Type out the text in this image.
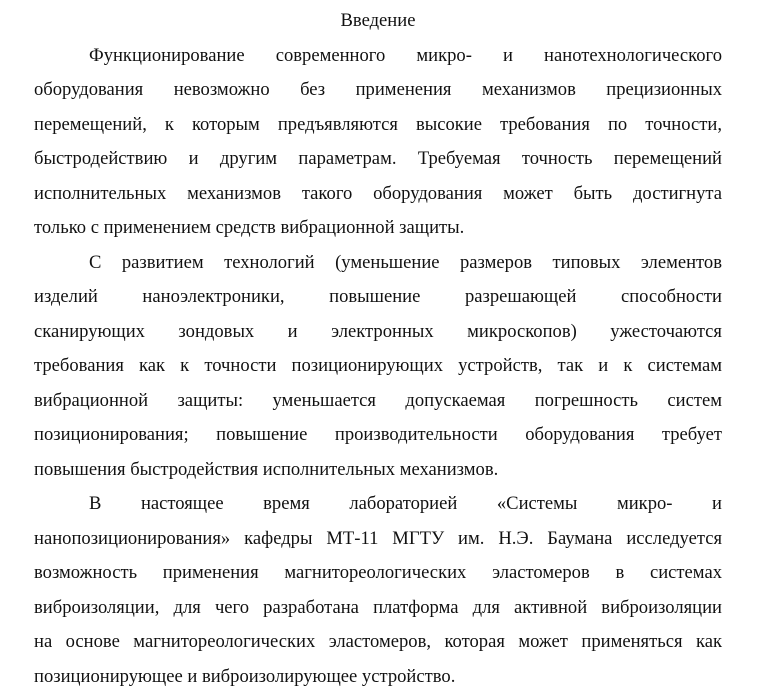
Введение
Функционирование современного микро- и нанотехнологического
оборудования невозможно без применения механизмов прецизионных
перемещений, к которым предъявляются высокие требования по точности,
быстродействию и другим параметрам. Требуемая точность перемещений
исполнительных механизмов такого оборудования может быть достигнута
только с применением средств вибрационной защиты.
С развитием технологий (уменьшение размеров типовых элементов
изделий наноэлектроники, повышение разрешающей способности
сканирующих зондовых и электронных микроскопов) ужесточаются
требования как к точности позиционирующих устройств, так и к системам
вибрационной защиты: уменьшается допускаемая погрешность систем
позиционирования; повышение производительности оборудования требует
повышения быстродействия исполнительных механизмов.
В настоящее время лабораторией «Системы микро- и
нанопозиционирования» кафедры МТ-11 МГТУ им. Н.Э. Баумана исследуется
возможность применения магнитореологических эластомеров в системах
виброизоляции, для чего разработана платформа для активной виброизоляции
на основе магнитореологических эластомеров, которая может применяться как
позиционирующее и виброизолирующее устройство.
